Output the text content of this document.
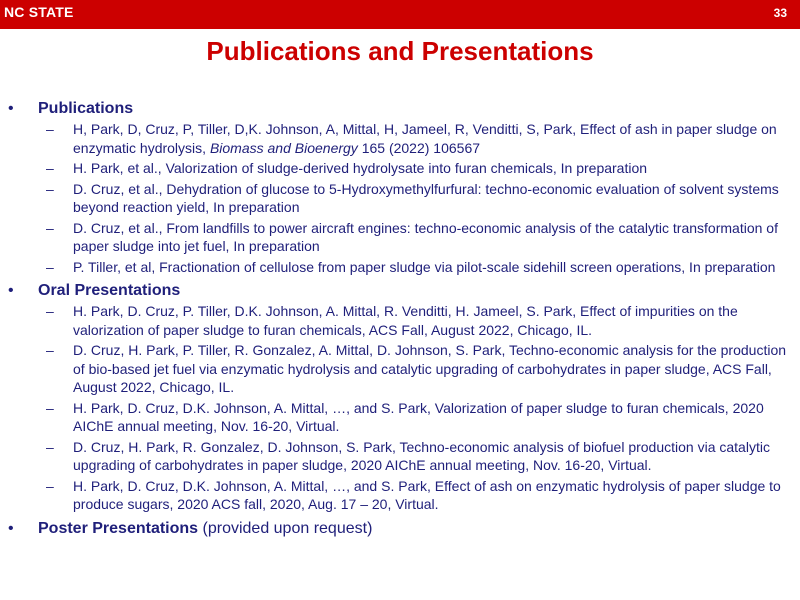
NC STATE UNIVERSITY
33
Publications and Presentations
• Publications
– H, Park, D, Cruz, P, Tiller, D,K. Johnson, A, Mittal, H, Jameel, R, Venditti, S, Park, Effect of ash in paper sludge on enzymatic hydrolysis, Biomass and Bioenergy 165 (2022) 106567
– H. Park, et al., Valorization of sludge-derived hydrolysate into furan chemicals, In preparation
– D. Cruz, et al., Dehydration of glucose to 5-Hydroxymethylfurfural: techno-economic evaluation of solvent systems beyond reaction yield, In preparation
– D. Cruz, et al., From landfills to power aircraft engines: techno-economic analysis of the catalytic transformation of paper sludge into jet fuel, In preparation
– P. Tiller, et al, Fractionation of cellulose from paper sludge via pilot-scale sidehill screen operations, In preparation
• Oral Presentations
– H. Park, D. Cruz, P. Tiller, D.K. Johnson, A. Mittal, R. Venditti, H. Jameel, S. Park, Effect of impurities on the valorization of paper sludge to furan chemicals, ACS Fall, August 2022, Chicago, IL.
– D. Cruz, H. Park, P. Tiller, R. Gonzalez, A. Mittal, D. Johnson, S. Park, Techno-economic analysis for the production of bio-based jet fuel via enzymatic hydrolysis and catalytic upgrading of carbohydrates in paper sludge, ACS Fall, August 2022, Chicago, IL.
– H. Park, D. Cruz, D.K. Johnson, A. Mittal, …, and S. Park, Valorization of paper sludge to furan chemicals, 2020 AIChE annual meeting, Nov. 16-20, Virtual.
– D. Cruz, H. Park, R. Gonzalez, D. Johnson, S. Park, Techno-economic analysis of biofuel production via catalytic upgrading of carbohydrates in paper sludge, 2020 AIChE annual meeting, Nov. 16-20, Virtual.
– H. Park, D. Cruz, D.K. Johnson, A. Mittal, …, and S. Park, Effect of ash on enzymatic hydrolysis of paper sludge to produce sugars, 2020 ACS fall, 2020, Aug. 17 – 20, Virtual.
• Poster Presentations (provided upon request)
